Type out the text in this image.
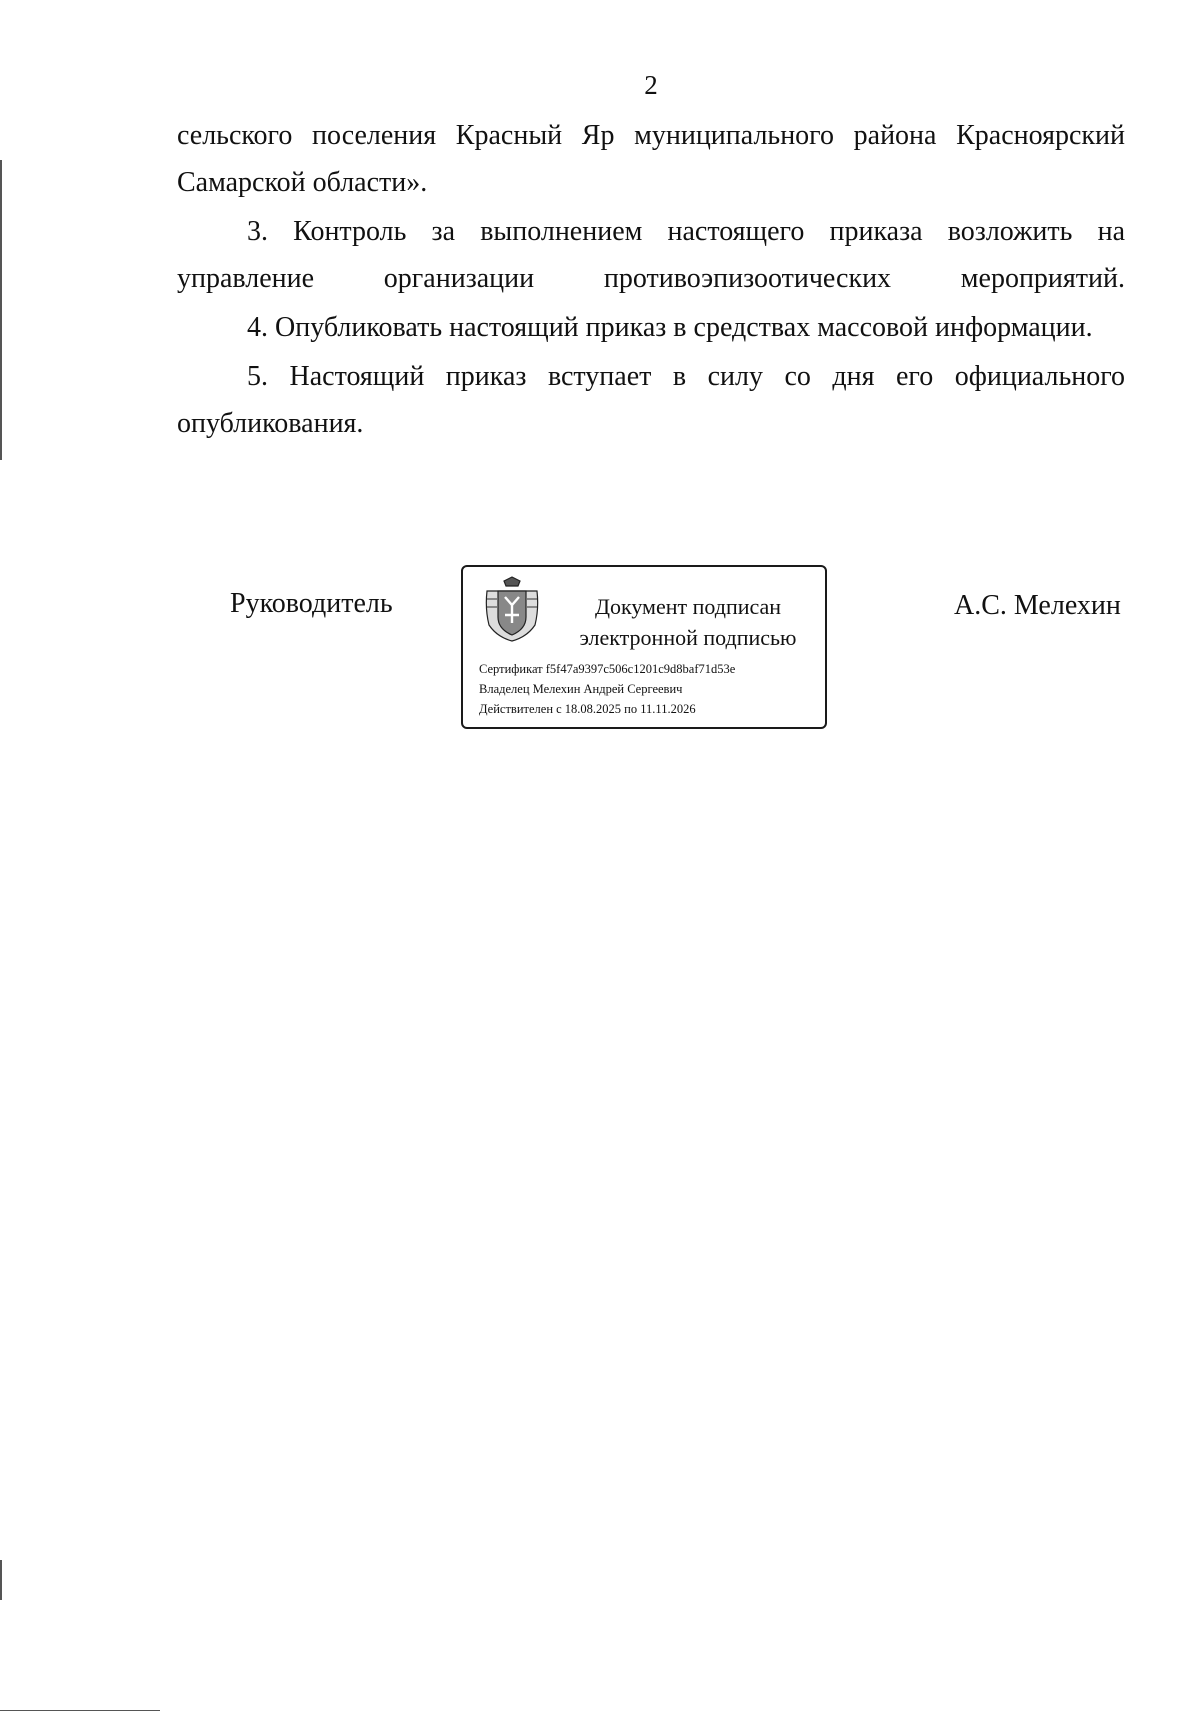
2

сельского поселения Красный Яр муниципального района Красноярский Самарской области».

3. Контроль за выполнением настоящего приказа возложить на управление организации противоэпизоотических мероприятий.

4. Опубликовать настоящий приказ в средствах массовой информации.

5. Настоящий приказ вступает в силу со дня его официального опубликования.

Руководитель	Документ подписан
электронной подписью
Сертификат f5f47a9397c506c1201c9d8baf71d53e
Владелец Мелехин Андрей Сергеевич
Действителен с 18.08.2025 по 11.11.2026
А.С. Мелехин
